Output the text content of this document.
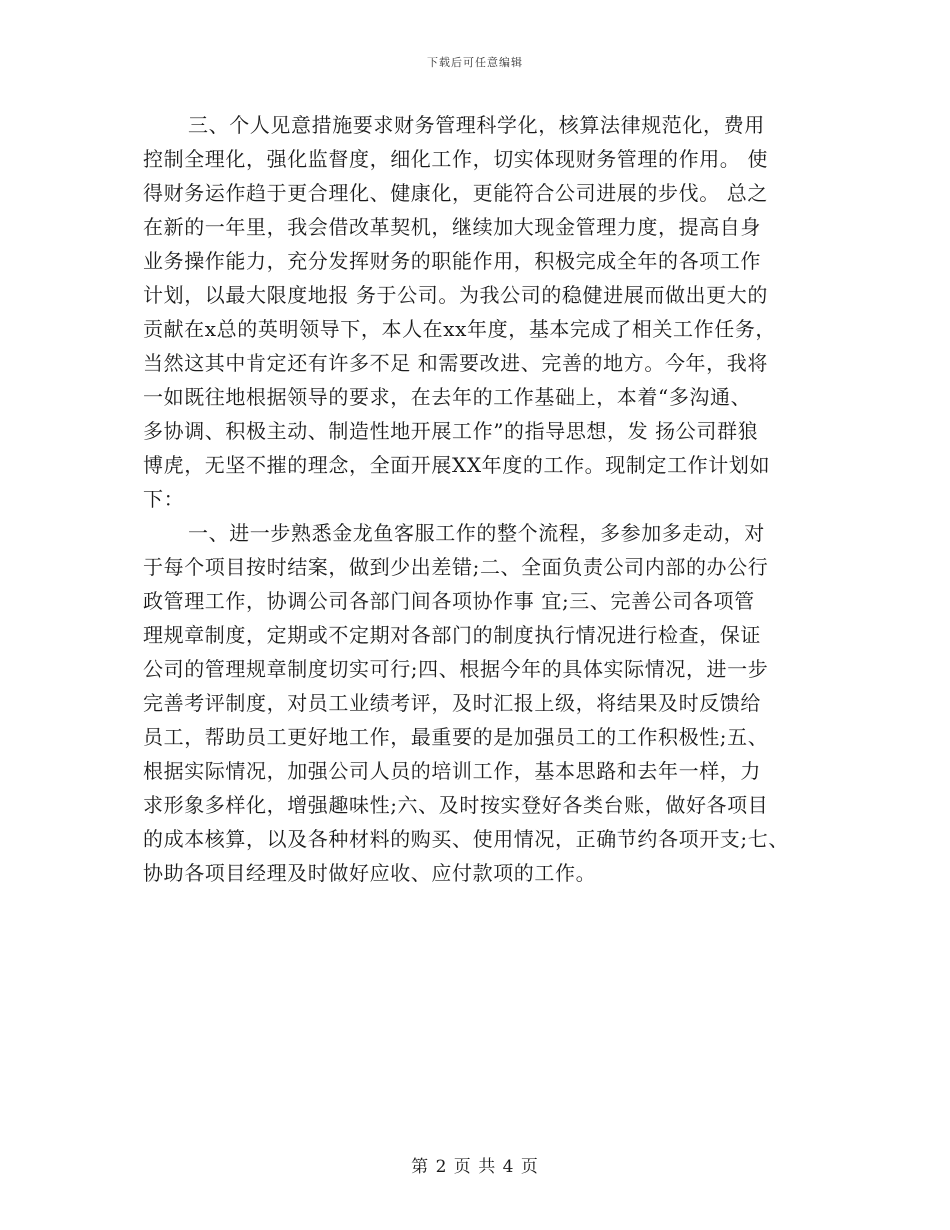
下载后可任意编辑
三、个人见意措施要求财务管理科学化，核算法律规范化，费用
控制全理化，强化监督度，细化工作，切实体现财务管理的作用。 使
得财务运作趋于更合理化、健康化，更能符合公司进展的步伐。 总之
在新的一年里，我会借改革契机，继续加大现金管理力度，提高自身
业务操作能力，充分发挥财务的职能作用，积极完成全年的各项工作
计划，以最大限度地报 务于公司。为我公司的稳健进展而做出更大的
贡献在x总的英明领导下，本人在xx年度，基本完成了相关工作任务，
当然这其中肯定还有许多不足 和需要改进、完善的地方。今年，我将
一如既往地根据领导的要求，在去年的工作基础上，本着“多沟通、
多协调、积极主动、制造性地开展工作”的指导思想，发 扬公司群狼
博虎，无坚不摧的理念，全面开展XX年度的工作。现制定工作计划如
下：
一、进一步熟悉金龙鱼客服工作的整个流程，多参加多走动，对
于每个项目按时结案，做到少出差错;二、全面负责公司内部的办公行
政管理工作，协调公司各部门间各项协作事 宜;三、完善公司各项管
理规章制度，定期或不定期对各部门的制度执行情况进行检查，保证
公司的管理规章制度切实可行;四、根据今年的具体实际情况，进一步
完善考评制度，对员工业绩考评，及时汇报上级，将结果及时反馈给
员工，帮助员工更好地工作，最重要的是加强员工的工作积极性;五、
根据实际情况，加强公司人员的培训工作，基本思路和去年一样，力
求形象多样化，增强趣味性;六、及时按实登好各类台账，做好各项目
的成本核算，以及各种材料的购买、使用情况，正确节约各项开支;七、
协助各项目经理及时做好应收、应付款项的工作。
第 2 页 共 4 页
